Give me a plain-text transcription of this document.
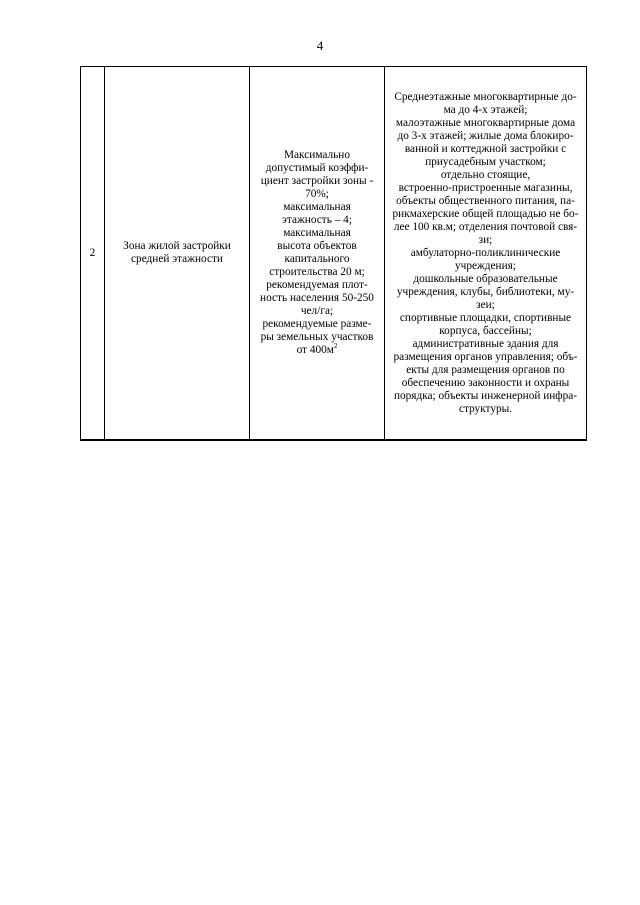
4
2	
Зона жилой застройки
средней этажности

Максимально
допустимый коэффи-
циент застройки зоны -
70%;
максимальная
этажность – 4;
максимальная
высота объектов
капитального
строительства 20 м;
рекомендуемая плот-
ность населения 50-250
чел/га;
рекомендуемые разме-
ры земельных участков
от $400м^2$

Среднеэтажные многоквартирные до-
ма до 4-х этажей;
малоэтажные многоквартирные дома
до 3-х этажей; жилые дома блокиро-
ванной и коттеджной застройки с
приусадебным участком;
отдельно стоящие,
встроенно-пристроенные магазины,
объекты общественного питания, па-
рикмахерские общей площадью не бо-
лее 100 кв.м; отделения почтовой свя-
зи;
амбулаторно-поликлинические
учреждения;
дошкольные образовательные
учреждения, клубы, библиотеки, му-
зеи;
спортивные площадки, спортивные
корпуса, бассейны;
административные здания для
размещения органов управления; объ-
екты для размещения органов по
обеспечению законности и охраны
порядка; объекты инженерной инфра-
структуры.
